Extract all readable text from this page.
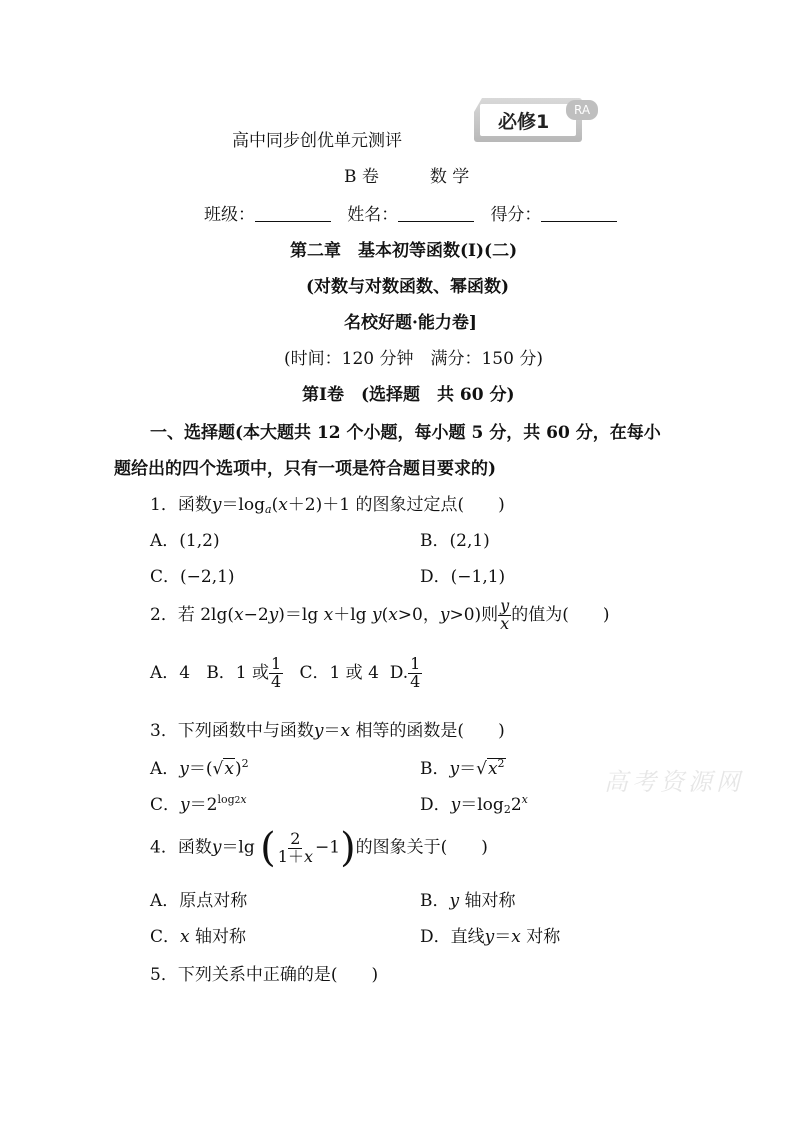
高中同步创优单元测评
必修1
RA
B 卷　　　数 学
班级：	姓名：	得分：
第二章　基本初等函数(Ⅰ)(二)
(对数与对数函数、幂函数)
名校好题·能力卷]
(时间：120 分钟　满分：150 分)
第Ⅰ卷　(选择题　共 60 分)
一、选择题(本大题共 12 个小题，每小题 5 分，共 60 分，在每小
题给出的四个选项中，只有一项是符合题目要求的)
1．函数$y=\log_a(x+2)+1$ 的图象过定点(　　)
A．(1,2)	B．(2,1)
C．(−2,1)	D．(−1,1)
2．若 2lg(x−2y)＝lg x＋lg y(x>0，y>0)则 $\frac{y}{x}$ 的值为(　　)
A．4 B．1 或 $\frac{1}{4}$ C．1 或 4 D. $\frac{1}{4}$
3．下列函数中与函数y＝x 相等的函数是(　　)
A．$y=(√x)^2$	B．$y=√x^2$
C．$y=2^{log2x}$	D．$y=\log_22^x$
4．函数y＝lg ( $\frac{2}{1+x} -1$)的图象关于(　　)
A．原点对称	B．y 轴对称
C．x 轴对称	D．直线y＝x 对称
5．下列关系中正确的是(　　)
高考资源网
